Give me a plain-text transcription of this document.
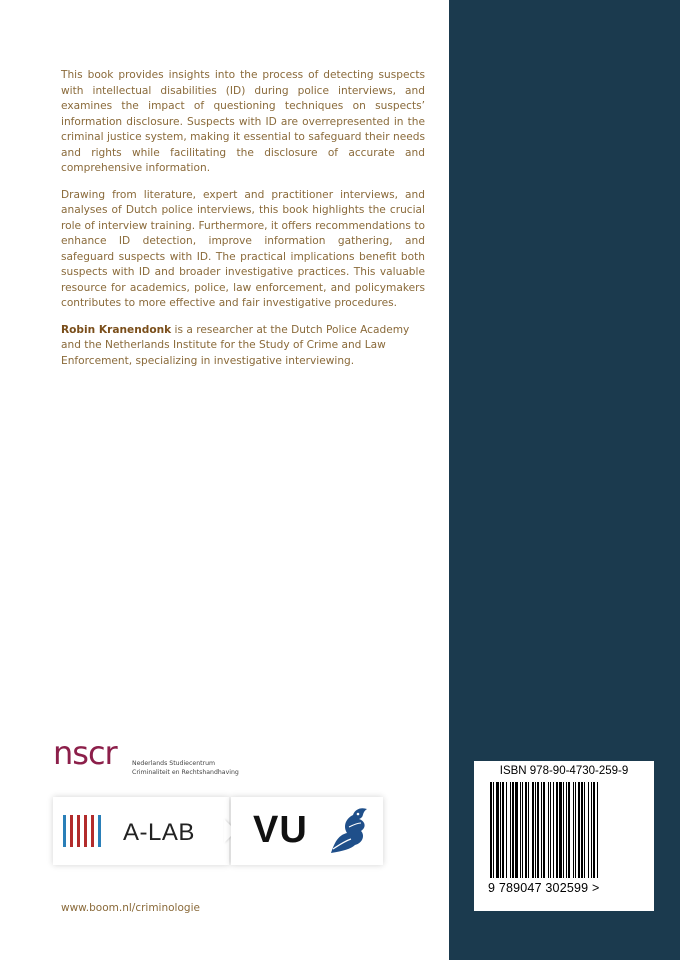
This book provides insights into the process of detecting suspects with intellectual disabilities (ID) during police interviews, and examines the impact of questioning techniques on suspects’ information disclosure. Suspects with ID are overrepresented in the criminal justice system, making it essential to safeguard their needs and rights while facilitating the disclosure of accurate and comprehensive information.

Drawing from literature, expert and practitioner interviews, and analyses of Dutch police interviews, this book highlights the crucial role of interview training. Furthermore, it offers recommendations to enhance ID detection, improve information gathering, and safeguard suspects with ID. The practical implications benefit both suspects with ID and broader investigative practices. This valuable resource for academics, police, law enforcement, and policymakers contributes to more effective and fair investigative procedures.

Robin Kranendonk is a researcher at the Dutch Police Academy and the Netherlands Institute for the Study of Crime and Law Enforcement, specializing in investigative interviewing.

nscr Nederlands Studiecentrum
Criminaliteit en Rechtshandhaving
A-LAB VU
www.boom.nl/criminologie
ISBN 978-90-4730-259-9
9 789047 302599 >
